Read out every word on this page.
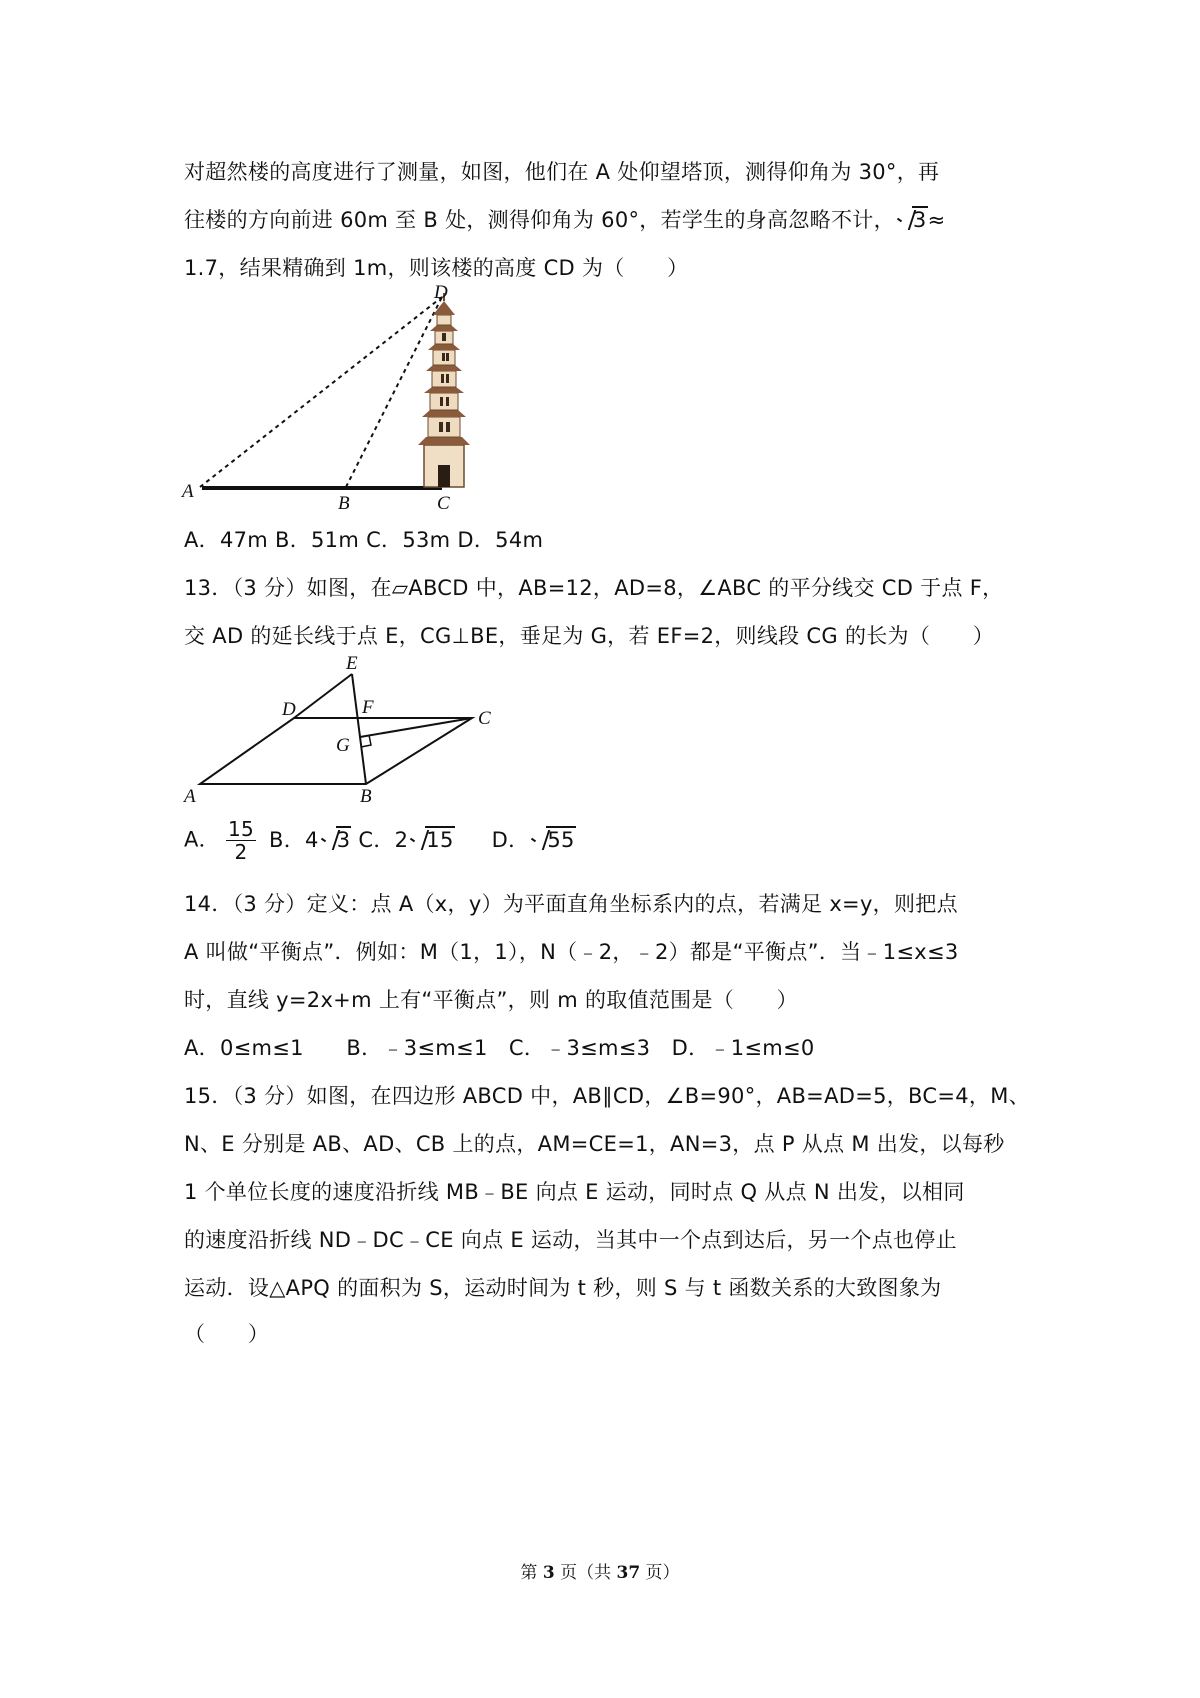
对超然楼的高度进行了测量，如图，他们在 A 处仰望塔顶，测得仰角为 30°，再
往楼的方向前进 60m 至 B 处，测得仰角为 60°，若学生的身高忽略不计， 3≈
1.7，结果精确到 1m，则该楼的高度 CD 为（　　）
A
B	C
D
A．47m B．51m C．53m D．54m
13．（3 分）如图，在▱ABCD 中，AB=12，AD=8，∠ABC 的平分线交 CD 于点 F，
交 AD 的延长线于点 E，CG⊥BE，垂足为 G，若 EF=2，则线段 CG 的长为（　　）
E
D	F
C
G
A	B
A． $\frac{15}{2}$ B．4 3 C．2 15 D． 55
14．（3 分）定义：点 A（x，y）为平面直角坐标系内的点，若满足 x=y，则把点
A 叫做“平衡点”．例如：M（1，1），N（﹣2，﹣2）都是“平衡点”．当﹣1≤x≤3
时，直线 y=2x+m 上有“平衡点”，则 m 的取值范围是（　　）
A．0≤m≤1　　B．﹣3≤m≤1　C．﹣3≤m≤3　D．﹣1≤m≤0
15．（3 分）如图，在四边形 ABCD 中，AB∥CD，∠B=90°，AB=AD=5，BC=4，M、
N、E 分别是 AB、AD、CB 上的点，AM=CE=1，AN=3，点 P 从点 M 出发，以每秒
1 个单位长度的速度沿折线 MB﹣BE 向点 E 运动，同时点 Q 从点 N 出发，以相同
的速度沿折线 ND﹣DC﹣CE 向点 E 运动，当其中一个点到达后，另一个点也停止
运动．设△APQ 的面积为 S，运动时间为 t 秒，则 S 与 t 函数关系的大致图象为
（　　）
第 3 页（共 37 页）
